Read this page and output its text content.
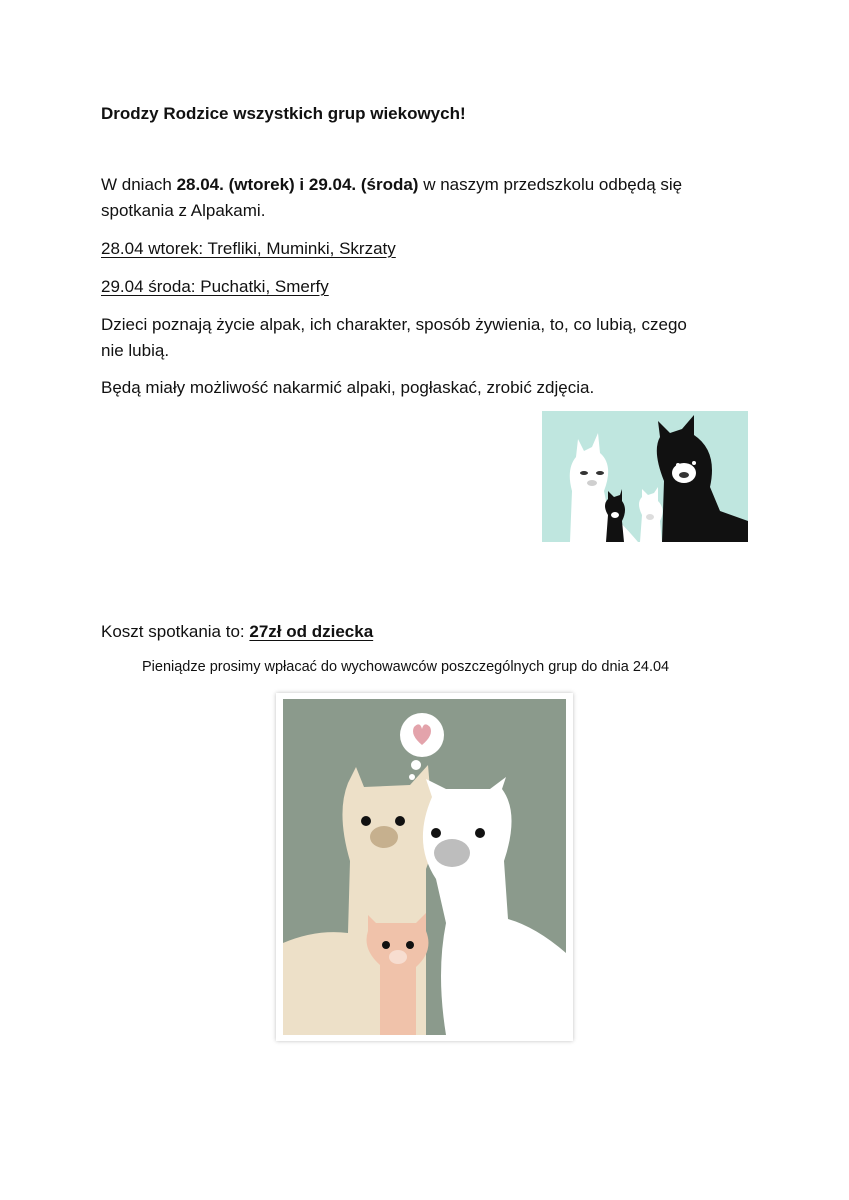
Drodzy Rodzice wszystkich grup wiekowych!

W dniach 28.04. (wtorek) i 29.04. (środa) w naszym przedszkolu odbędą się

spotkania z Alpakami.

28.04 wtorek: Trefliki, Muminki, Skrzaty

29.04 środa: Puchatki, Smerfy

Dzieci poznają życie alpak, ich charakter, sposób żywienia, to, co lubią, czego

nie lubią.

Będą miały możliwość nakarmić alpaki, pogłaskać, zrobić zdjęcia.

Koszt spotkania to: 27zł od dziecka

Pieniądze prosimy wpłacać do wychowawców poszczególnych grup do dnia 24.04
